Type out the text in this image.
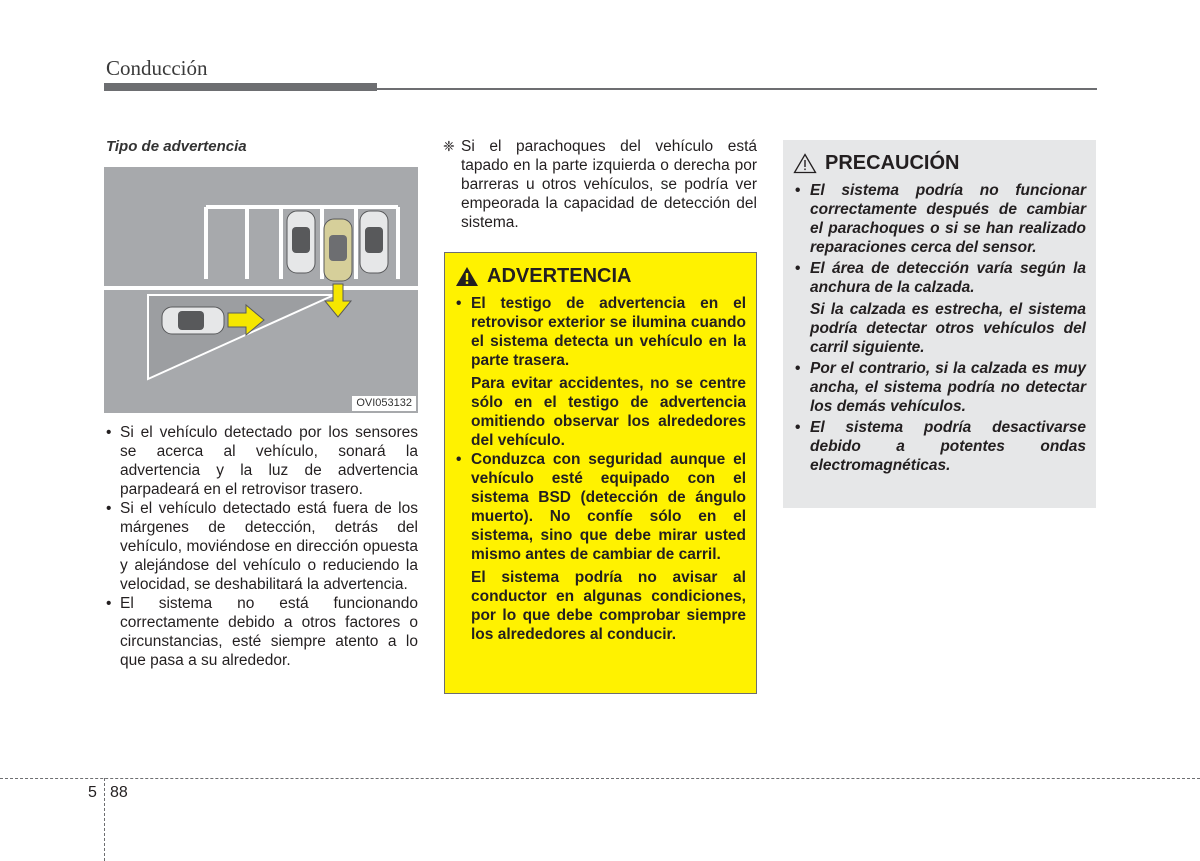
Conducción
Tipo de advertencia
OVI053132
• Si el vehículo detectado por los sensores se acerca al vehículo, sonará la advertencia y la luz de advertencia parpadeará en el retrovisor trasero.
• Si el vehículo detectado está fuera de los márgenes de detección, detrás del vehículo, moviéndose en dirección opuesta y alejándose del vehículo o reduciendo la velocidad, se deshabilitará la advertencia.
• El sistema no está funcionando correctamente debido a otros factores o circunstancias, esté siempre atento a lo que pasa a su alrededor.
❈ Si el parachoques del vehículo está tapado en la parte izquierda o derecha por barreras u otros vehículos, se podría ver empeorada la capacidad de detección del sistema.
ADVERTENCIA
• El testigo de advertencia en el retrovisor exterior se ilumina cuando el sistema detecta un vehículo en la parte trasera.

Para evitar accidentes, no se centre sólo en el testigo de advertencia omitiendo observar los alrededores del vehículo.

• Conduzca con seguridad aunque el vehículo esté equipado con el sistema BSD (detección de ángulo muerto). No confíe sólo en el sistema, sino que debe mirar usted mismo antes de cambiar de carril.

El sistema podría no avisar al conductor en algunas condiciones, por lo que debe comprobar siempre los alrededores al conducir.

PRECAUCIÓN
• El sistema podría no funcionar correctamente después de cambiar el parachoques o si se han realizado reparaciones cerca del sensor.
• El área de detección varía según la anchura de la calzada.

Si la calzada es estrecha, el sistema podría detectar otros vehículos del carril siguiente.

• Por el contrario, si la calzada es muy ancha, el sistema podría no detectar los demás vehículos.
• El sistema podría desactivarse debido a potentes ondas electromagnéticas.
5 88
